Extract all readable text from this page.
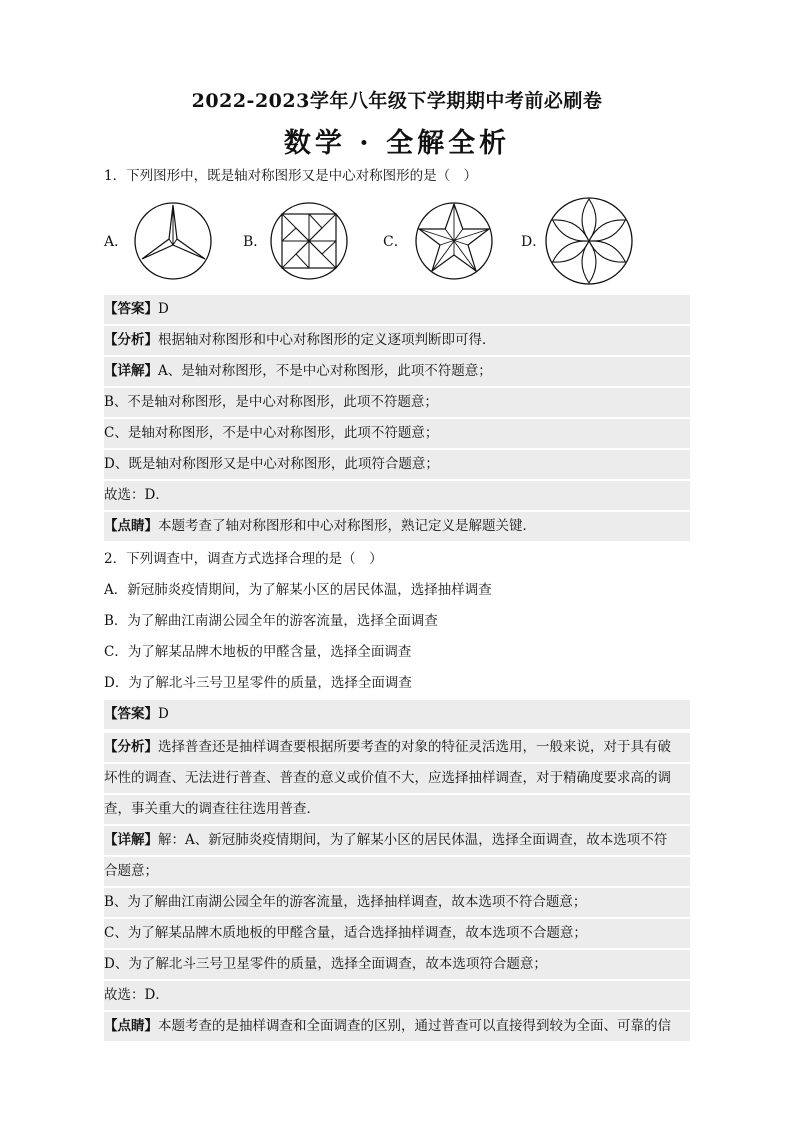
2022-2023学年八年级下学期期中考前必刷卷
数学 · 全解全析
1．下列图形中，既是轴对称图形又是中心对称图形的是（　）
A．	B．	C．	D．
【答案】D
【分析】根据轴对称图形和中心对称图形的定义逐项判断即可得．
【详解】A、是轴对称图形，不是中心对称图形，此项不符题意；
B、不是轴对称图形，是中心对称图形，此项不符题意；
C、是轴对称图形，不是中心对称图形，此项不符题意；
D、既是轴对称图形又是中心对称图形，此项符合题意；
故选：D．
【点睛】本题考查了轴对称图形和中心对称图形，熟记定义是解题关键．
2．下列调查中，调查方式选择合理的是（　）
A．新冠肺炎疫情期间，为了解某小区的居民体温，选择抽样调查
B．为了解曲江南湖公园全年的游客流量，选择全面调查
C．为了解某品牌木地板的甲醛含量，选择全面调查
D．为了解北斗三号卫星零件的质量，选择全面调查
【答案】D
【分析】选择普查还是抽样调查要根据所要考查的对象的特征灵活选用，一般来说，对于具有破
坏性的调查、无法进行普查、普查的意义或价值不大，应选择抽样调查，对于精确度要求高的调
查，事关重大的调查往往选用普查．
【详解】解：A、新冠肺炎疫情期间，为了解某小区的居民体温，选择全面调查，故本选项不符
合题意；
B、为了解曲江南湖公园全年的游客流量，选择抽样调查，故本选项不符合题意；
C、为了解某品牌木质地板的甲醛含量，适合选择抽样调查，故本选项不合题意；
D、为了解北斗三号卫星零件的质量，选择全面调查，故本选项符合题意；
故选：D．
【点睛】本题考查的是抽样调查和全面调查的区别，通过普查可以直接得到较为全面、可靠的信
